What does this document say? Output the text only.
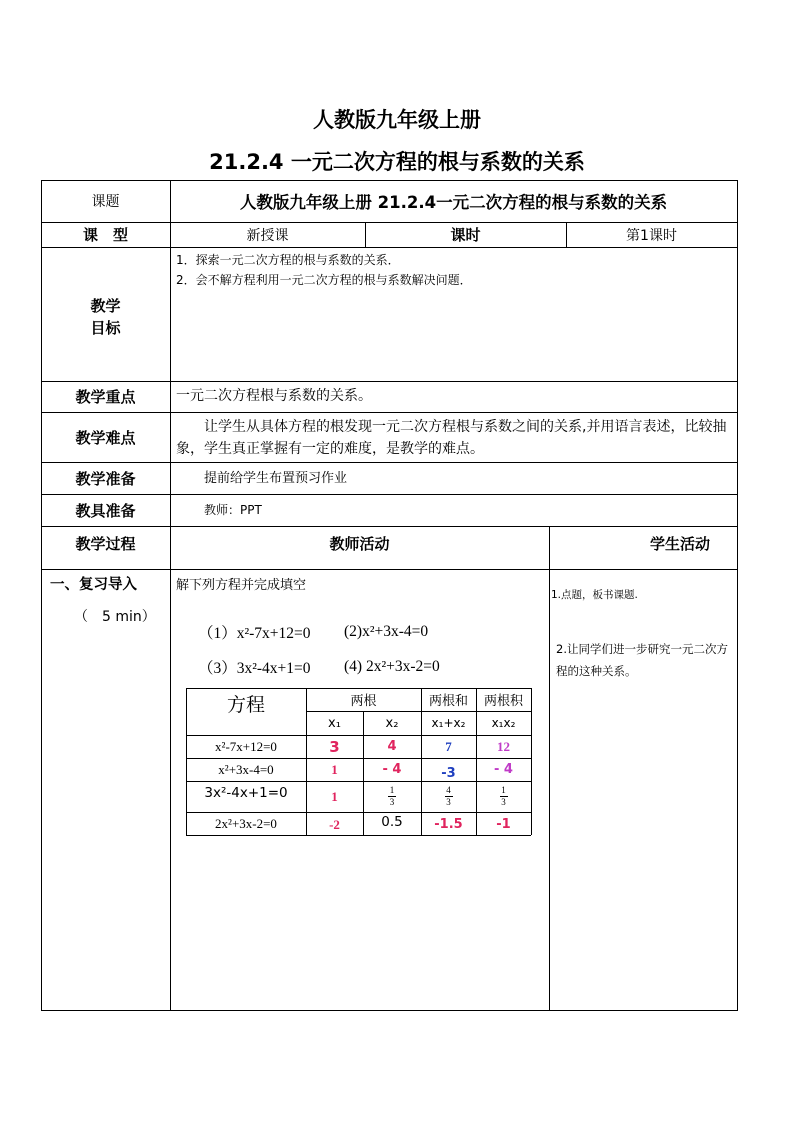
人教版九年级上册
21.2.4 一元二次方程的根与系数的关系
课题	人教版九年级上册 21.2.4一元二次方程的根与系数的关系
课　型	新授课	课时	第1课时
教学
目标
1．探索一元二次方程的根与系数的关系．
2．会不解方程利用一元二次方程的根与系数解决问题．
教学重点	一元二次方程根与系数的关系。
教学难点
　　让学生从具体方程的根发现一元二次方程根与系数之间的关系,并用语言表述，比较抽象，学生真正掌握有一定的难度，是教学的难点。
教学准备	提前给学生布置预习作业
教具准备	教师：PPT
教学过程	教师活动	学生活动
一、复习导入
（　5 min）
解下列方程并完成填空
（1）x²-7x+12=0 (2)x²+3x-4=0
（3）3x²-4x+1=0 (4) 2x²+3x-2=0
1.点题，板书课题.
2.让同学们进一步研究一元二次方程的这种关系。
方程	两根	两根和	两根积
x₁	x₂	x₁+x₂	x₁x₂
x²-7x+12=0	3	4	7	12
x²+3x-4=0	1	- 4	-3	- 4
3x²-4x+1=0	1	$\frac{1}{3}$	$\frac{4}{3}$	$\frac{1}{3}$
2x²+3x-2=0	-2	0.5	-1.5	-1
